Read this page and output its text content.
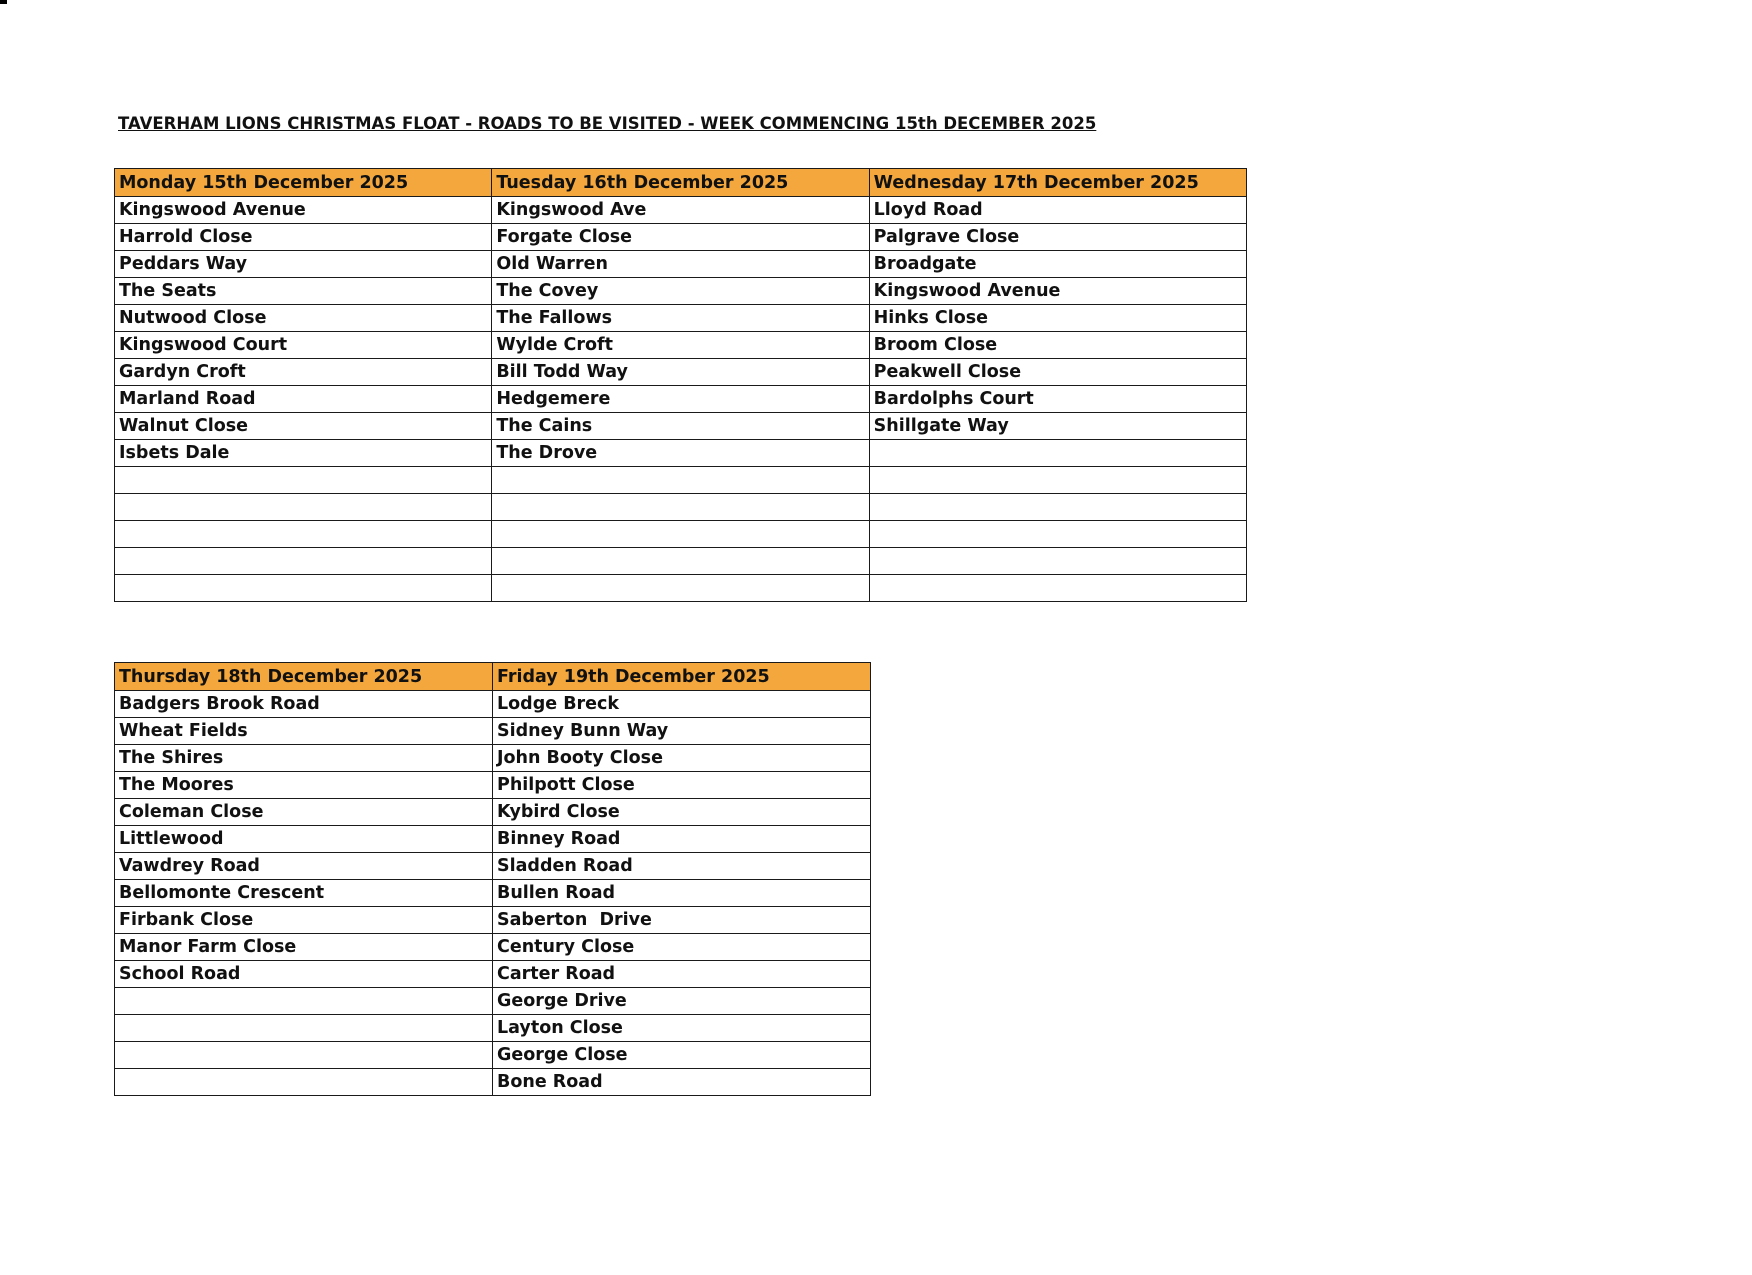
TAVERHAM LIONS CHRISTMAS FLOAT - ROADS TO BE VISITED - WEEK COMMENCING 15th DECEMBER 2025
Monday 15th December 2025	Tuesday 16th December 2025	Wednesday 17th December 2025
Kingswood Avenue	Kingswood Ave	Lloyd Road
Harrold Close	Forgate Close	Palgrave Close
Peddars Way	Old Warren	Broadgate
The Seats	The Covey	Kingswood Avenue
Nutwood Close	The Fallows	Hinks Close
Kingswood Court	Wylde Croft	Broom Close
Gardyn Croft	Bill Todd Way	Peakwell Close
Marland Road	Hedgemere	Bardolphs Court
Walnut Close	The Cains	Shillgate Way
Isbets Dale	The Drove	

Thursday 18th December 2025	Friday 19th December 2025
Badgers Brook Road	Lodge Breck
Wheat Fields	Sidney Bunn Way
The Shires	John Booty Close
The Moores	Philpott Close
Coleman Close	Kybird Close
Littlewood	Binney Road
Vawdrey Road	Sladden Road
Bellomonte Crescent	Bullen Road
Firbank Close	Saberton  Drive
Manor Farm Close	Century Close
School Road	Carter Road
	George Drive
	Layton Close
	George Close
	Bone Road
